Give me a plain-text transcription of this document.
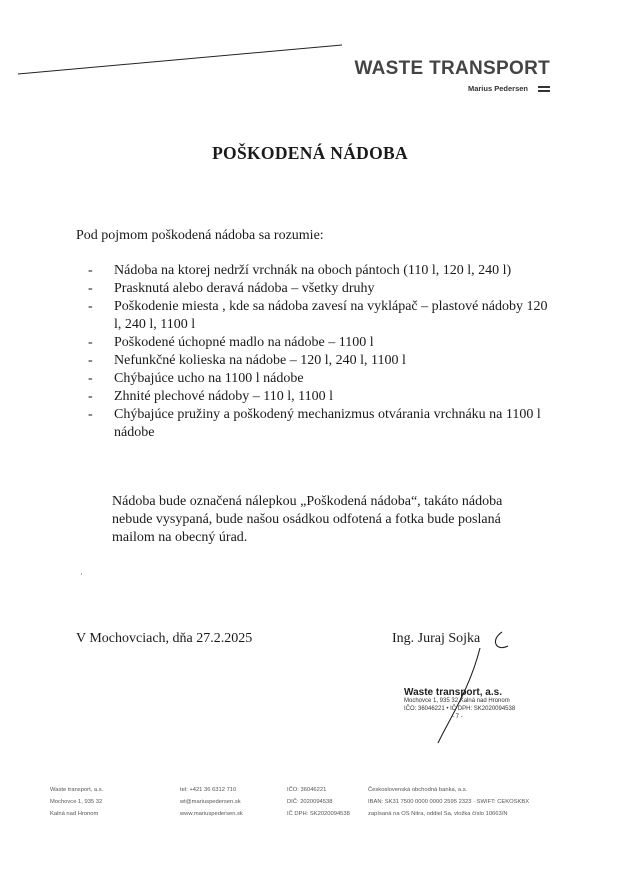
WASTE TRANSPORT
Marius Pedersen
POŠKODENÁ NÁDOBA
Pod pojmom poškodená nádoba sa rozumie:
- Nádoba na ktorej nedrží vrchnák na oboch pántoch (110 l, 120 l, 240 l)
- Prasknutá alebo deravá nádoba – všetky druhy
- Poškodenie miesta , kde sa nádoba zavesí na vyklápač – plastové nádoby 120 l, 240 l, 1100 l
- Poškodené úchopné madlo na nádobe – 1100 l
- Nefunkčné kolieska na nádobe – 120 l, 240 l, 1100 l
- Chýbajúce ucho na 1100 l nádobe
- Zhnité plechové nádoby – 110 l, 1100 l
- Chýbajúce pružiny a poškodený mechanizmus otvárania vrchnáku na 1100 l nádobe
Nádoba bude označená nálepkou „Poškodená nádoba“, takáto nádoba nebude vysypaná, bude našou osádkou odfotená a fotka bude poslaná mailom na obecný úrad.
·
V Mochovciach, dňa 27.2.2025	Ing. Juraj Sojka
Waste transport, a.s.
Mochovce 1, 935 32 Kalná nad Hronom
IČO: 36046221 • IČ DPH: SK2020094538
- 7 -
Waste transport, a.s.
Mochovce 1, 935 32
Kalná nad Hronom
tel: +421 36 6312 710
wt@mariuspedersen.sk
www.mariuspedersen.sk
IČO: 36046221
DIČ: 2020094538
IČ DPH: SK2020094538
Československá obchodná banka, a.s.
IBAN: SK31 7500 0000 0000 2595 2323 · SWIFT: CEKOSKBX
zapísaná na OS Nitra, oddiel Sa, vložka číslo 10663/N
